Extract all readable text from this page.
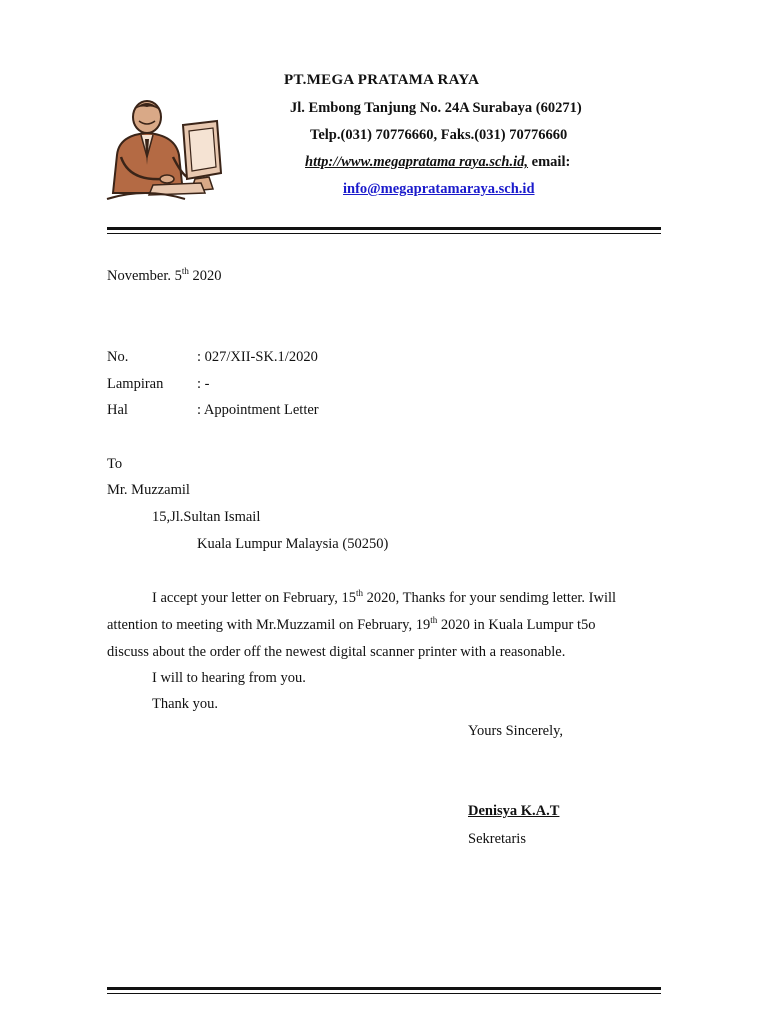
PT.MEGA PRATAMA RAYA
Jl. Embong Tanjung No. 24A Surabaya (60271)
Telp.(031) 70776660, Faks.(031) 70776660
http://www.megapratama raya.sch.id, email:
info@megapratamaraya.sch.id
November. 5th 2020
No.	: 027/XII-SK.1/2020
Lampiran : -
Hal	: Appointment Letter
To
Mr. Muzzamil
15,Jl.Sultan Ismail
Kuala Lumpur Malaysia (50250)
I accept your letter on February, 15th 2020, Thanks for your sendimg letter. Iwill
attention to meeting with Mr.Muzzamil on February, 19th 2020 in Kuala Lumpur t5o
discuss about the order off the newest digital scanner printer with a reasonable.
I will to hearing from you.
Thank you.
Yours Sincerely,
Denisya K.A.T
Sekretaris
